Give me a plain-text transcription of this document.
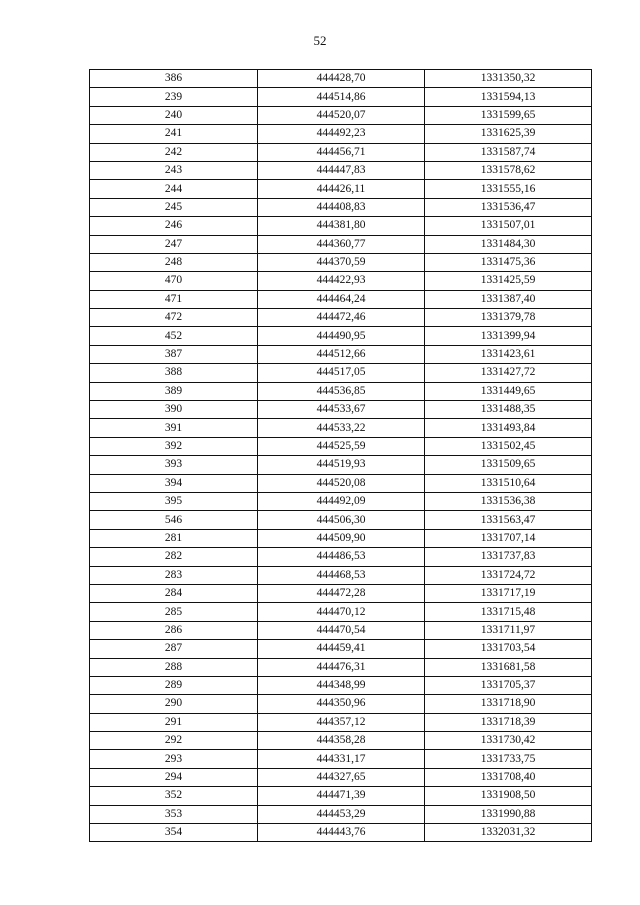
52
386	444428,70	1331350,32
239	444514,86	1331594,13
240	444520,07	1331599,65
241	444492,23	1331625,39
242	444456,71	1331587,74
243	444447,83	1331578,62
244	444426,11	1331555,16
245	444408,83	1331536,47
246	444381,80	1331507,01
247	444360,77	1331484,30
248	444370,59	1331475,36
470	444422,93	1331425,59
471	444464,24	1331387,40
472	444472,46	1331379,78
452	444490,95	1331399,94
387	444512,66	1331423,61
388	444517,05	1331427,72
389	444536,85	1331449,65
390	444533,67	1331488,35
391	444533,22	1331493,84
392	444525,59	1331502,45
393	444519,93	1331509,65
394	444520,08	1331510,64
395	444492,09	1331536,38
546	444506,30	1331563,47
281	444509,90	1331707,14
282	444486,53	1331737,83
283	444468,53	1331724,72
284	444472,28	1331717,19
285	444470,12	1331715,48
286	444470,54	1331711,97
287	444459,41	1331703,54
288	444476,31	1331681,58
289	444348,99	1331705,37
290	444350,96	1331718,90
291	444357,12	1331718,39
292	444358,28	1331730,42
293	444331,17	1331733,75
294	444327,65	1331708,40
352	444471,39	1331908,50
353	444453,29	1331990,88
354	444443,76	1332031,32
